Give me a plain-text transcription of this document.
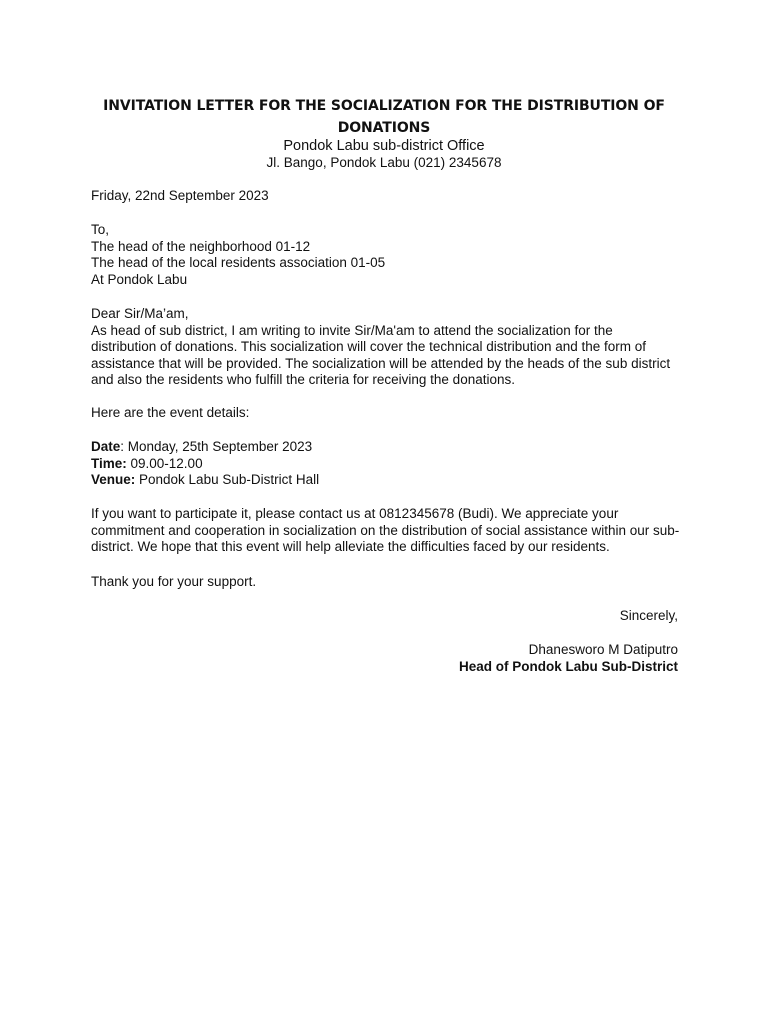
INVITATION LETTER FOR THE SOCIALIZATION FOR THE DISTRIBUTION OF DONATIONS
Pondok Labu sub-district Office
Jl. Bango, Pondok Labu (021) 2345678
Friday, 22nd September 2023

To,

The head of the neighborhood 01-12

The head of the local residents association 01-05

At Pondok Labu

Dear Sir/Ma’am,

As head of sub district, I am writing to invite Sir/Ma'am to attend the socialization for the distribution of donations. This socialization will cover the technical distribution and the form of assistance that will be provided. The socialization will be attended by the heads of the sub district and also the residents who fulfill the criteria for receiving the donations.

Here are the event details:

Date: Monday, 25th September 2023

Time: 09.00-12.00

Venue: Pondok Labu Sub-District Hall

If you want to participate it, please contact us at 0812345678 (Budi). We appreciate your commitment and cooperation in socialization on the distribution of social assistance within our sub-district. We hope that this event will help alleviate the difficulties faced by our residents.
Thank you for your support.
Sincerely,

Dhaneswor‌o M Datiputro

Head of Pondok Labu Sub-District
